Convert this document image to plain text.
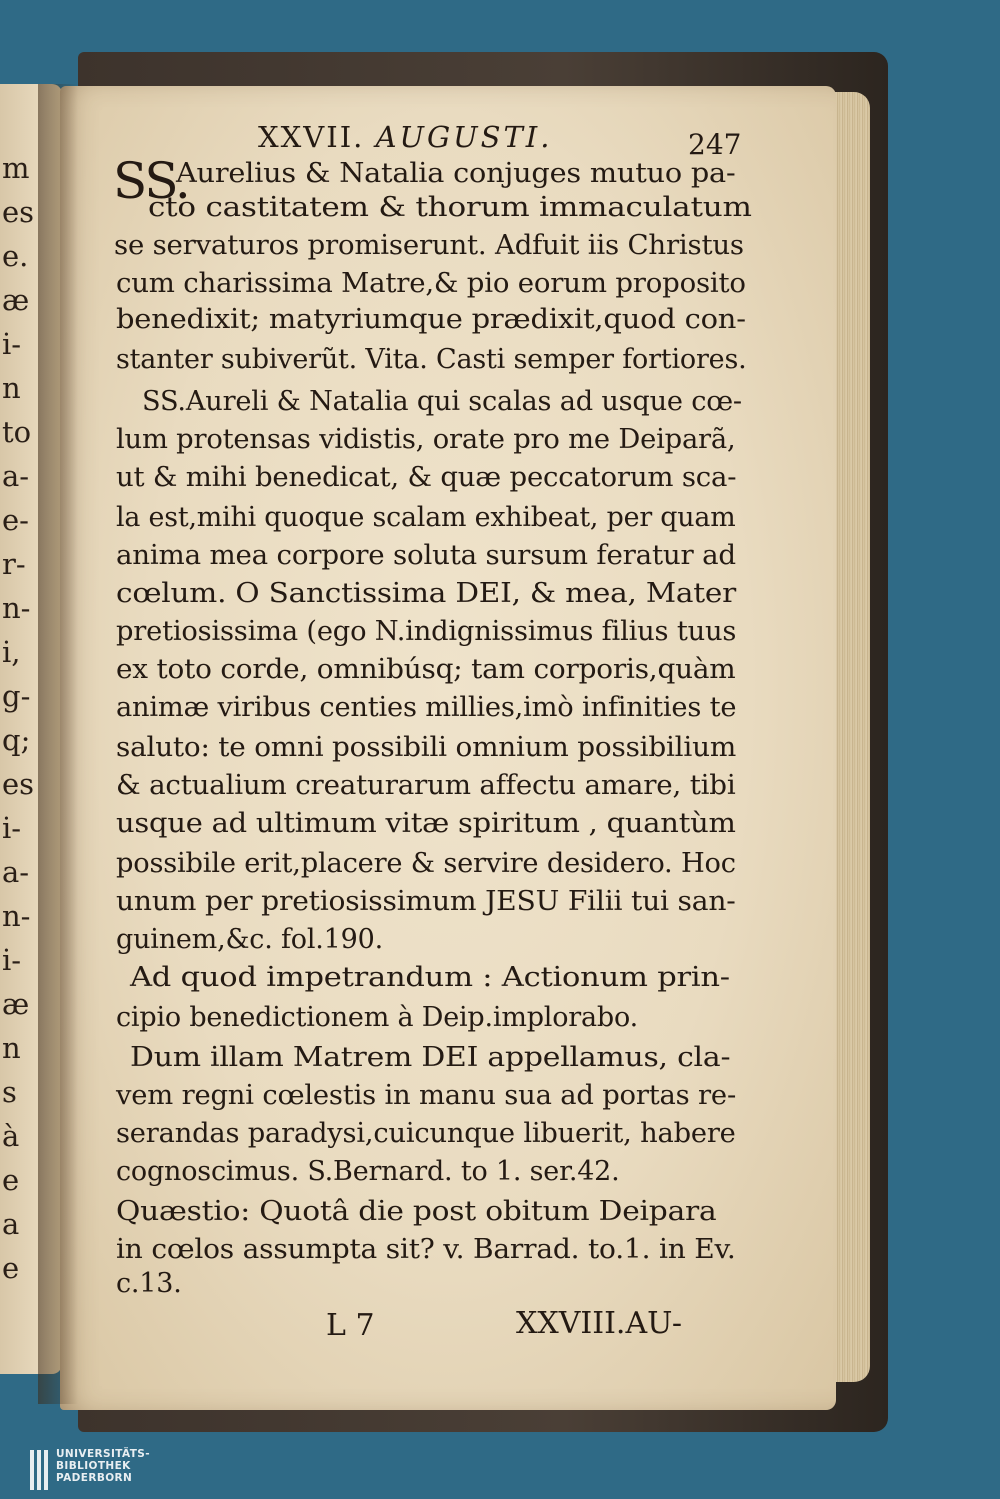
m
es
e.
æ
i-
n
to
a-
e-
r-
n-
i,
g-
q;
es
i-
a-
n-
i-
æ
n
s
à
e
a
e
XXVII. AUGUSTI.	247
SS.
L 7	XXVIII.AU-
Aurelius & Natalia conjuges mutuo pa-
cto castitatem & thorum immaculatum
se servaturos promiserunt. Adfuit iis Christus
cum charissima Matre,& pio eorum proposito
benedixit; matyriumque prædixit,quod con-
stanter subiverũt. Vita. Casti semper fortiores.
SS.Aureli & Natalia qui scalas ad usque cœ-
lum protensas vidistis, orate pro me Deiparã,
ut & mihi benedicat, & quæ peccatorum sca-
la est,mihi quoque scalam exhibeat, per quam
anima mea corpore soluta sursum feratur ad
cœlum. O Sanctissima DEI, & mea, Mater
pretiosissima (ego N.indignissimus filius tuus
ex toto corde, omnibúsq; tam corporis,quàm
animæ viribus centies millies,imò infinities te
saluto: te omni possibili omnium possibilium
& actualium creaturarum affectu amare, tibi
usque ad ultimum vitæ spiritum , quantùm
possibile erit,placere & servire desidero. Hoc
unum per pretiosissimum JESU Filii tui san-
guinem,&c. fol.190.
Ad quod impetrandum : Actionum prin-
cipio benedictionem à Deip.implorabo.
Dum illam Matrem DEI appellamus, cla-
vem regni cœlestis in manu sua ad portas re-
serandas paradysi,cuicunque libuerit, habere
cognoscimus. S.Bernard. to 1. ser.42.
Quæstio: Quotâ die post obitum Deipara
in cœlos assumpta sit? v. Barrad. to.1. in Ev.
c.13.
UNIVERSITÄTS-
BIBLIOTHEK
PADERBORN
